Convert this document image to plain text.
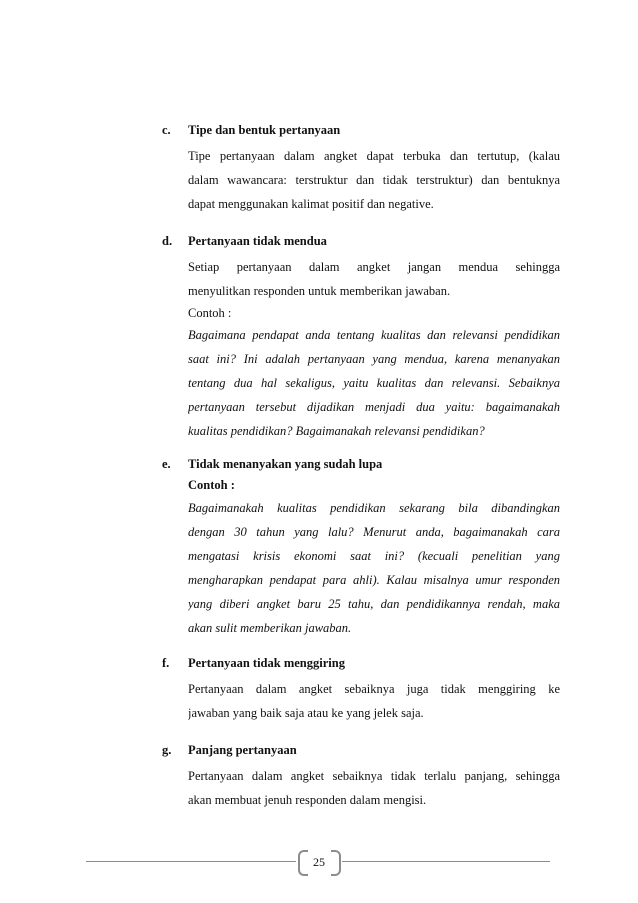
c. Tipe dan bentuk pertanyaan
Tipe pertanyaan dalam angket dapat terbuka dan tertutup, (kalau
dalam wawancara: terstruktur dan tidak terstruktur) dan bentuknya
dapat menggunakan kalimat positif dan negative.
d. Pertanyaan tidak mendua
Setiap pertanyaan dalam angket jangan mendua sehingga
menyulitkan responden untuk memberikan jawaban.
Contoh :
Bagaimana pendapat anda tentang kualitas dan relevansi pendidikan
saat ini? Ini adalah pertanyaan yang mendua, karena menanyakan
tentang dua hal sekaligus, yaitu kualitas dan relevansi. Sebaiknya
pertanyaan tersebut dijadikan menjadi dua yaitu: bagaimanakah
kualitas pendidikan? Bagaimanakah relevansi pendidikan?
e. Tidak menanyakan yang sudah lupa
Contoh :
Bagaimanakah kualitas pendidikan sekarang bila dibandingkan
dengan 30 tahun yang lalu? Menurut anda, bagaimanakah cara
mengatasi krisis ekonomi saat ini? (kecuali penelitian yang
mengharapkan pendapat para ahli). Kalau misalnya umur responden
yang diberi angket baru 25 tahu, dan pendidikannya rendah, maka
akan sulit memberikan jawaban.
f. Pertanyaan tidak menggiring
Pertanyaan dalam angket sebaiknya juga tidak menggiring ke
jawaban yang baik saja atau ke yang jelek saja.
g. Panjang pertanyaan
Pertanyaan dalam angket sebaiknya tidak terlalu panjang, sehingga
akan membuat jenuh responden dalam mengisi.
25
